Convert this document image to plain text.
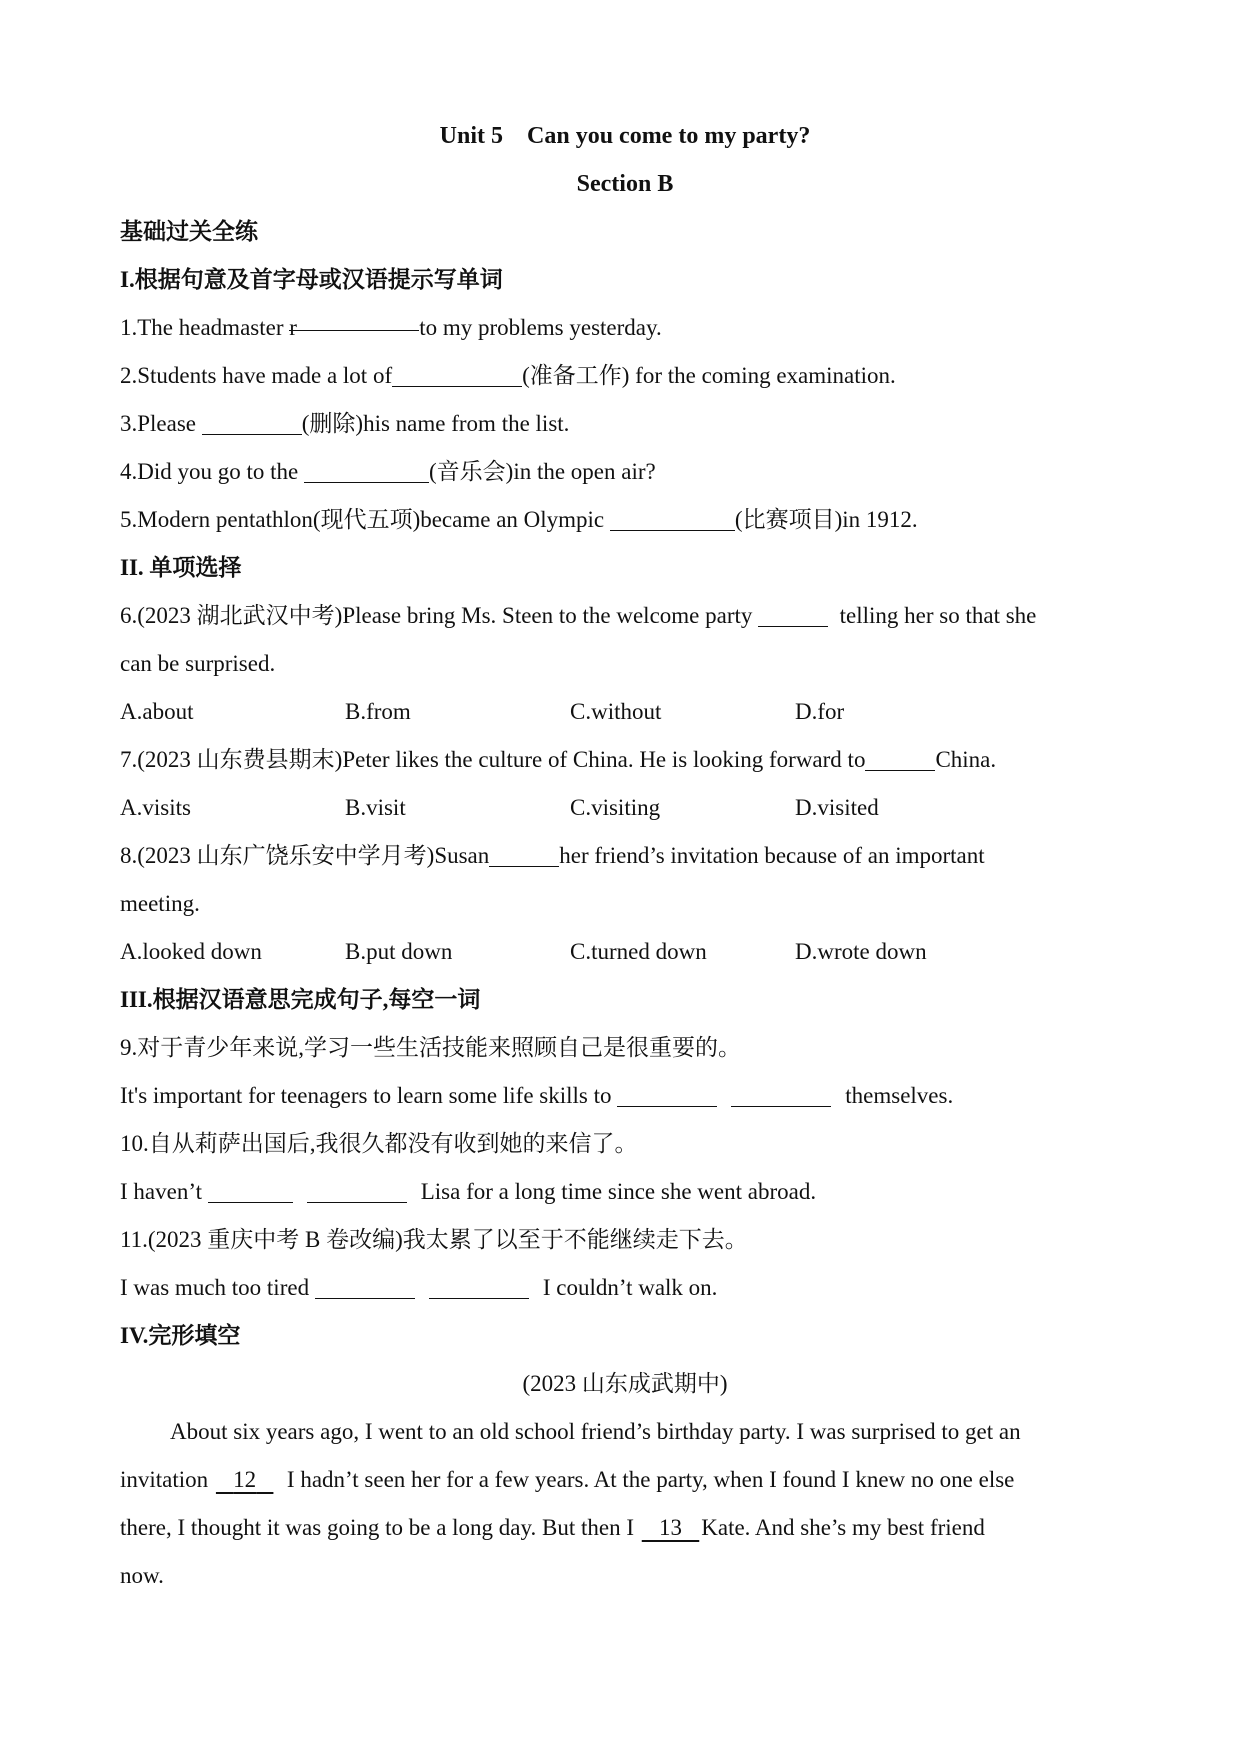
Unit 5    Can you come to my party?
Section B
基础过关全练
I.根据句意及首字母或汉语提示写单词
1.The headmaster r	to my problems yesterday.
2.Students have made a lot of	(准备工作) for the coming examination.
3.Please	(删除)his name from the list.
4.Did you go to the	(音乐会)in the open air?
5.Modern pentathlon(现代五项)became an Olympic	(比赛项目)in 1912.
II. 单项选择
6.(2023 湖北武汉中考)Please bring Ms. Steen to the welcome party	telling her so that she
can be surprised.
A.about	B.from	C.without	D.for
7.(2023 山东费县期末)Peter likes the culture of China. He is looking forward to	China.
A.visits	B.visit	C.visiting	D.visited
8.(2023 山东广饶乐安中学月考)Susan	her friend’s invitation because of an important
meeting.
A.looked down	B.put down	C.turned down	D.wrote down
III.根据汉语意思完成句子,每空一词
9.对于青少年来说,学习一些生活技能来照顾自己是很重要的。
It's important for teenagers to learn some life skills to	themselves.
10.自从莉萨出国后,我很久都没有收到她的来信了。
I haven’t	Lisa for a long time since she went abroad.
11.(2023 重庆中考 B 卷改编)我太累了以至于不能继续走下去。
I was much too tired	I couldn’t walk on.
IV.完形填空
(2023 山东成武期中)
About six years ago, I went to an old school friend’s birthday party. I was surprised to get an
invitation    12 I hadn’t seen her for a few years. At the party, when I found I knew no one else
there, I thought it was going to be a long day. But then I    13 Kate. And she’s my best friend
now.
